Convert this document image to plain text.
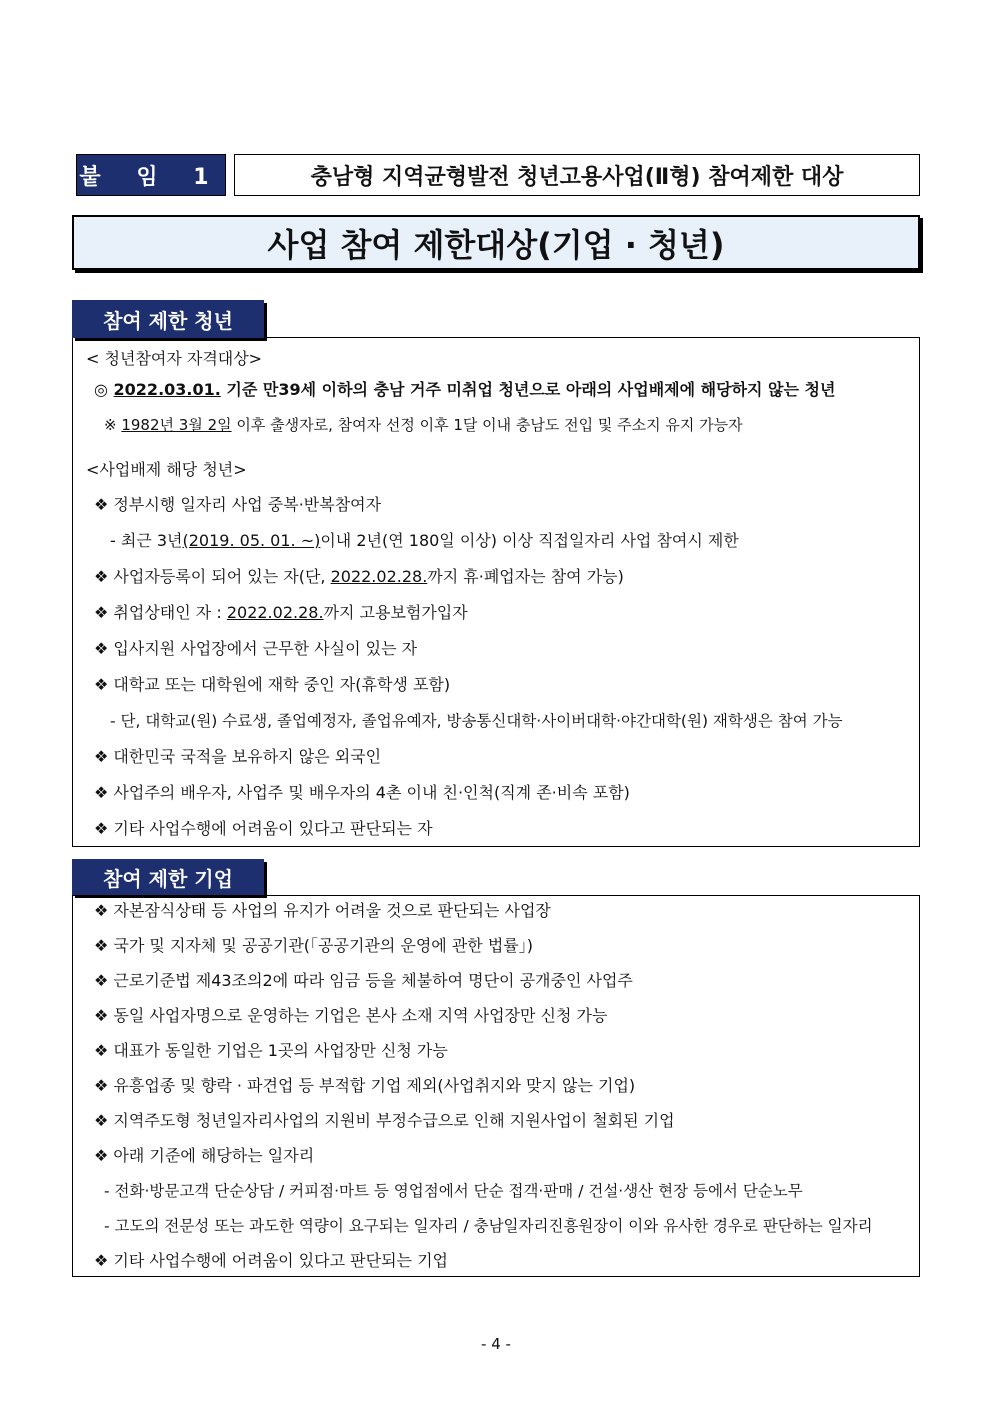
붙 임 1	충남형 지역균형발전 청년고용사업(Ⅱ형) 참여제한 대상
사업 참여 제한대상(기업 · 청년)
참여 제한 청년
< 청년참여자 자격대상>
◎ 2022.03.01. 기준 만39세 이하의 충남 거주 미취업 청년으로 아래의 사업배제에 해당하지 않는 청년
※ 1982년 3월 2일 이후 출생자로, 참여자 선정 이후 1달 이내 충남도 전입 및 주소지 유지 가능자
<사업배제 해당 청년>
❖ 정부시행 일자리 사업 중복·반복참여자
- 최근 3년(2019. 05. 01. ~)이내 2년(연 180일 이상) 이상 직접일자리 사업 참여시 제한
❖ 사업자등록이 되어 있는 자(단, 2022.02.28.까지 휴·폐업자는 참여 가능)
❖ 취업상태인 자 : 2022.02.28.까지 고용보험가입자
❖ 입사지원 사업장에서 근무한 사실이 있는 자
❖ 대학교 또는 대학원에 재학 중인 자(휴학생 포함)
- 단, 대학교(원) 수료생, 졸업예정자, 졸업유예자, 방송통신대학·사이버대학·야간대학(원) 재학생은 참여 가능
❖ 대한민국 국적을 보유하지 않은 외국인
❖ 사업주의 배우자, 사업주 및 배우자의 4촌 이내 친·인척(직계 존·비속 포함)
❖ 기타 사업수행에 어려움이 있다고 판단되는 자
참여 제한 기업
❖ 자본잠식상태 등 사업의 유지가 어려울 것으로 판단되는 사업장
❖ 국가 및 지자체 및 공공기관(「공공기관의 운영에 관한 법률」)
❖ 근로기준법 제43조의2에 따라 임금 등을 체불하여 명단이 공개중인 사업주
❖ 동일 사업자명으로 운영하는 기업은 본사 소재 지역 사업장만 신청 가능
❖ 대표가 동일한 기업은 1곳의 사업장만 신청 가능
❖ 유흥업종 및 향락 · 파견업 등 부적합 기업 제외(사업취지와 맞지 않는 기업)
❖ 지역주도형 청년일자리사업의 지원비 부정수급으로 인해 지원사업이 철회된 기업
❖ 아래 기준에 해당하는 일자리
- 전화·방문고객 단순상담 / 커피점·마트 등 영업점에서 단순 접객·판매 / 건설·생산 현장 등에서 단순노무
- 고도의 전문성 또는 과도한 역량이 요구되는 일자리 / 충남일자리진흥원장이 이와 유사한 경우로 판단하는 일자리
❖ 기타 사업수행에 어려움이 있다고 판단되는 기업
- 4 -
